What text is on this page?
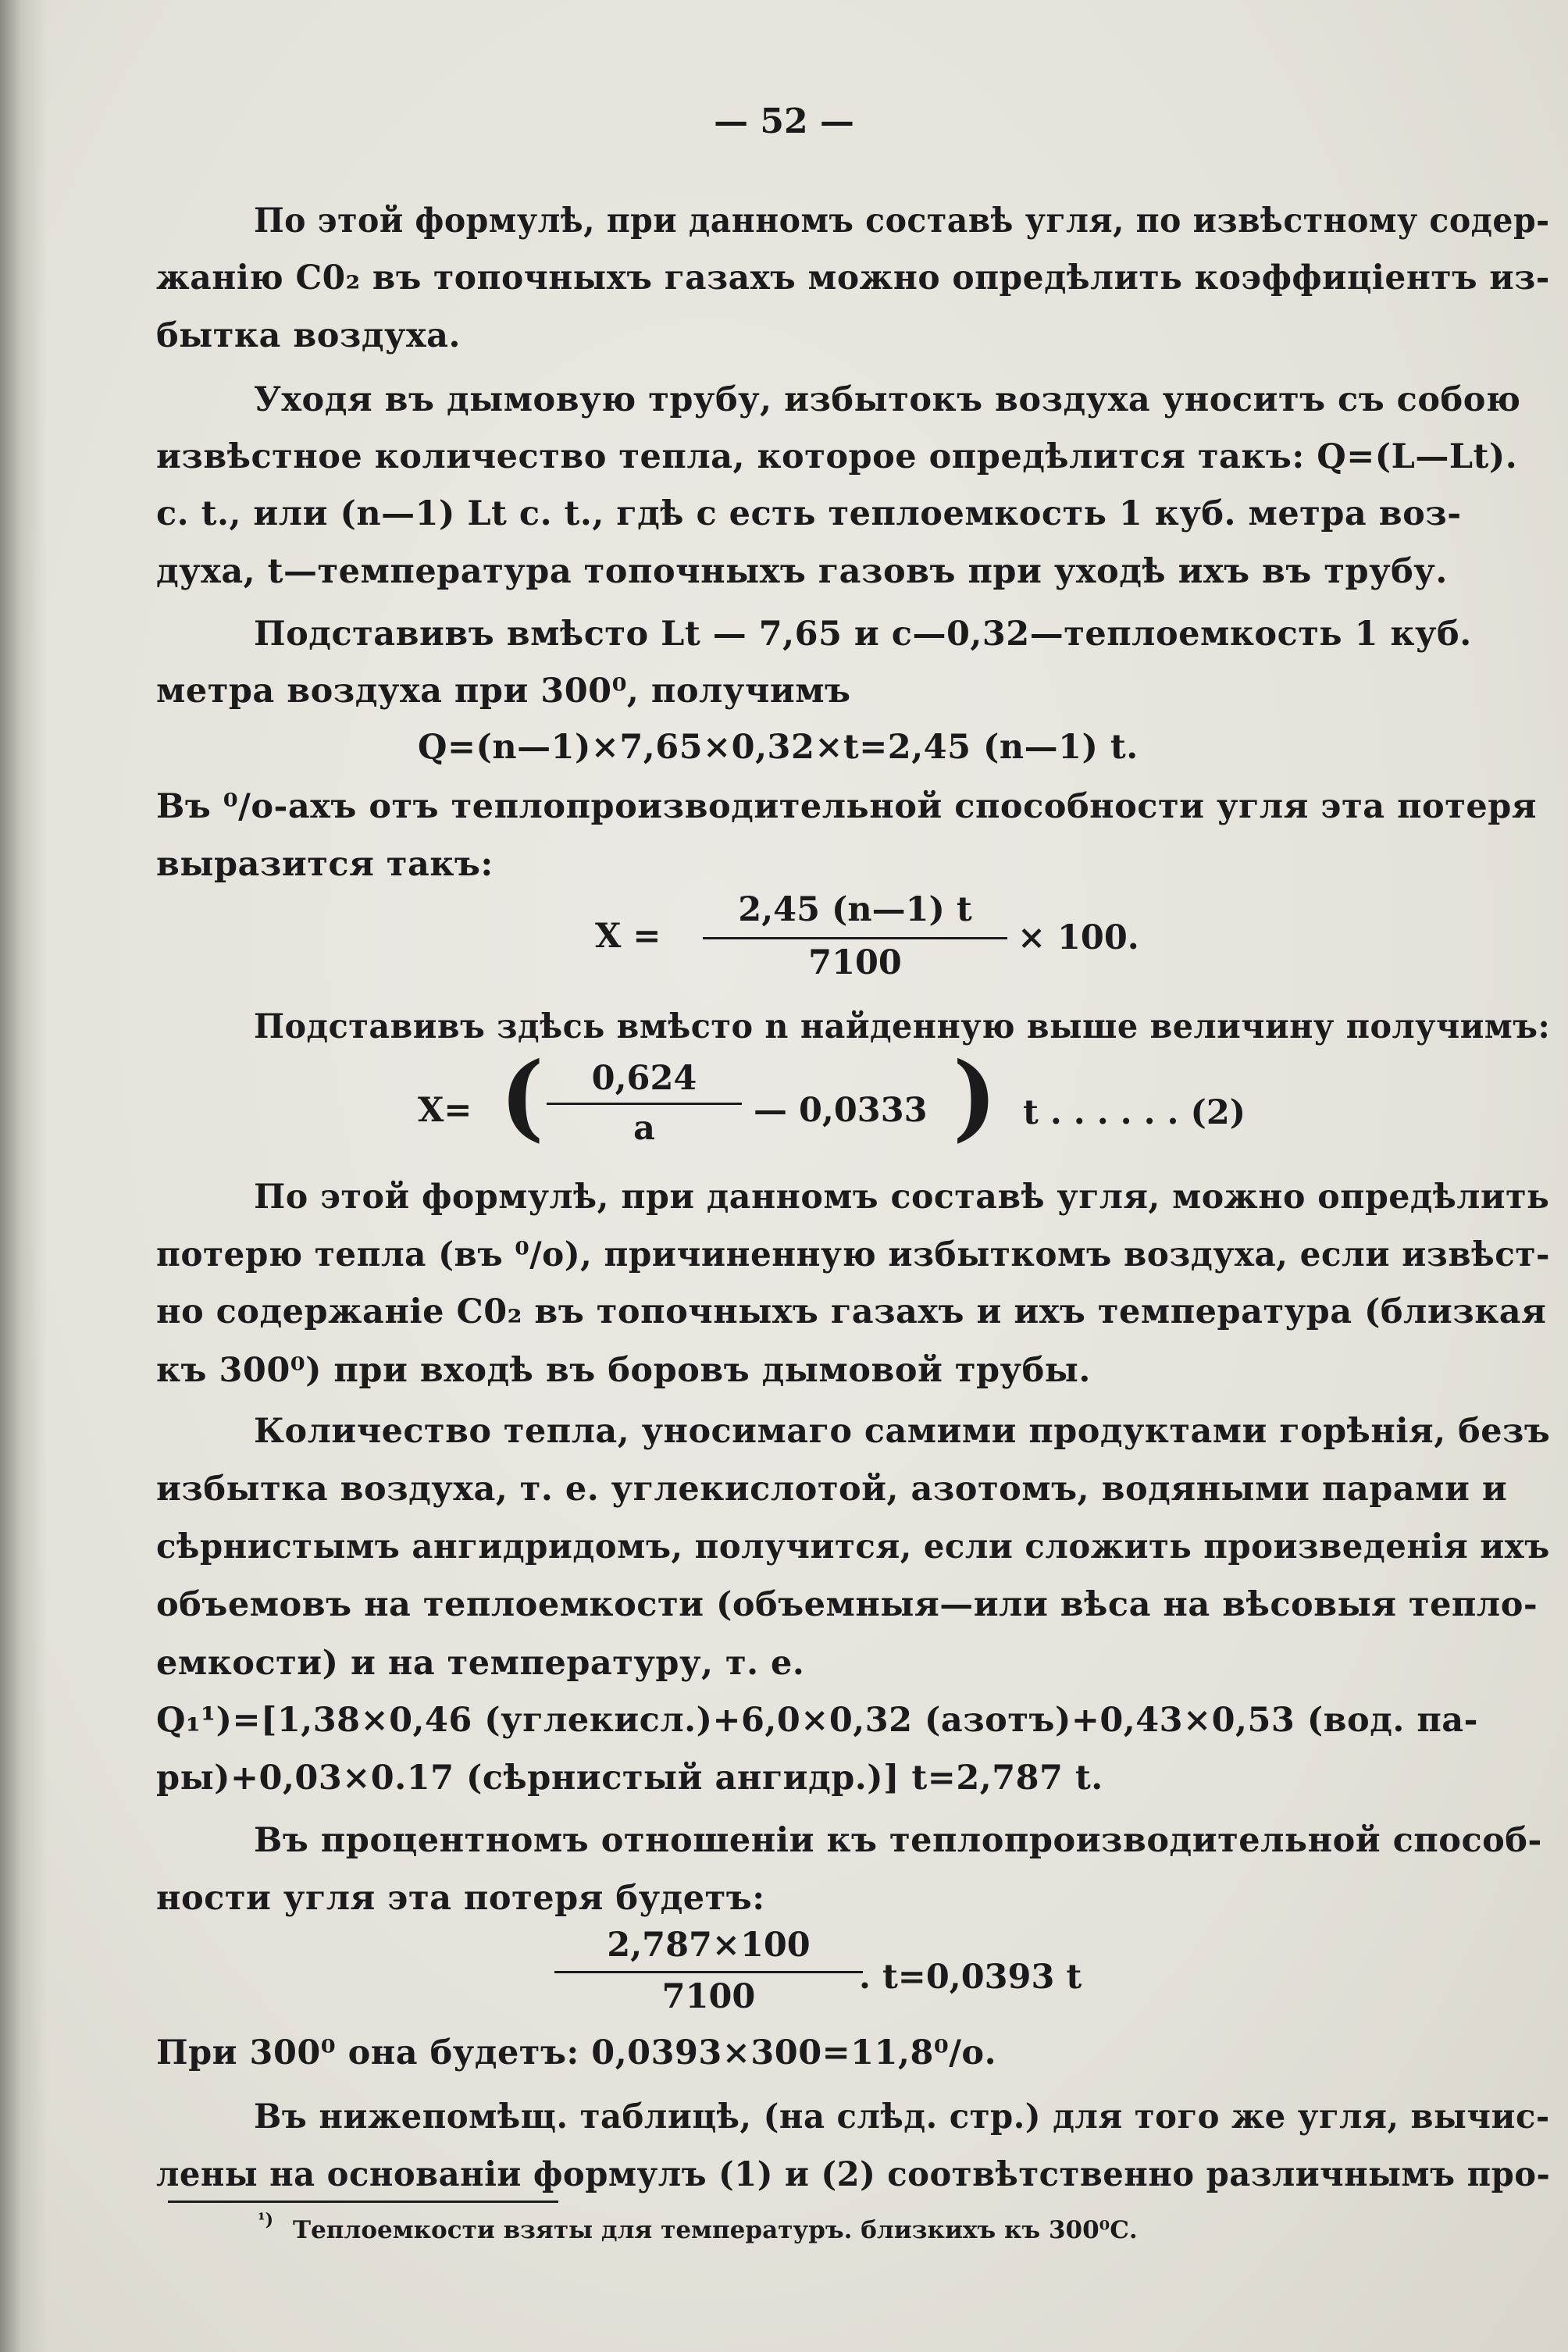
— 52 —
По этой формулѣ, при данномъ составѣ угля, по извѣстному содер-
жанію С0₂ въ топочныхъ газахъ можно опредѣлить коэффиціентъ из-
бытка воздуха.
Уходя въ дымовую трубу, избытокъ воздуха уноситъ съ собою
извѣстное количество тепла, которое опредѣлится такъ: Q=(L—Lt).
с. t., или (n—1) Lt с. t., гдѣ с есть теплоемкость 1 куб. метра воз-
духа, t—температура топочныхъ газовъ при уходѣ ихъ въ трубу.
Подставивъ вмѣсто Lt — 7,65 и с—0,32—теплоемкость 1 куб.
метра воздуха при 300⁰, получимъ
Q=(n—1)×7,65×0,32×t=2,45 (n—1) t.
Въ ⁰/о-ахъ отъ теплопроизводительной способности угля эта потеря
выразится такъ:
X =
2,45 (n—1) t
7100
× 100.
Подставивъ здѣсь вмѣсто n найденную выше величину получимъ:
X= (	0,624
a	— 0,0333 ) t . . . . . . (2)
По этой формулѣ, при данномъ составѣ угля, можно опредѣлить
потерю тепла (въ ⁰/о), причиненную избыткомъ воздуха, если извѣст-
но содержаніе С0₂ въ топочныхъ газахъ и ихъ температура (близкая
къ 300⁰) при входѣ въ боровъ дымовой трубы.
Количество тепла, уносимаго самими продуктами горѣнія, безъ
избытка воздуха, т. е. углекислотой, азотомъ, водяными парами и
сѣрнистымъ ангидридомъ, получится, если сложить произведенія ихъ
объемовъ на теплоемкости (объемныя—или вѣса на вѣсовыя тепло-
емкости) и на температуру, т. е.
Q₁¹)=[1,38×0,46 (углекисл.)+6,0×0,32 (азотъ)+0,43×0,53 (вод. па-
ры)+0,03×0.17 (сѣрнистый ангидр.)] t=2,787 t.
Въ процентномъ отношеніи къ теплопроизводительной способ-
ности угля эта потеря будетъ:
2,787×100
7100	. t=0,0393 t
При 300⁰ она будетъ: 0,0393×300=11,8⁰/о.
Въ нижепомѣщ. таблицѣ, (на слѣд. стр.) для того же угля, вычис-
лены на основаніи формулъ (1) и (2) соотвѣтственно различнымъ про-
¹) Теплоемкости взяты для температуръ. близкихъ къ 300⁰С.
